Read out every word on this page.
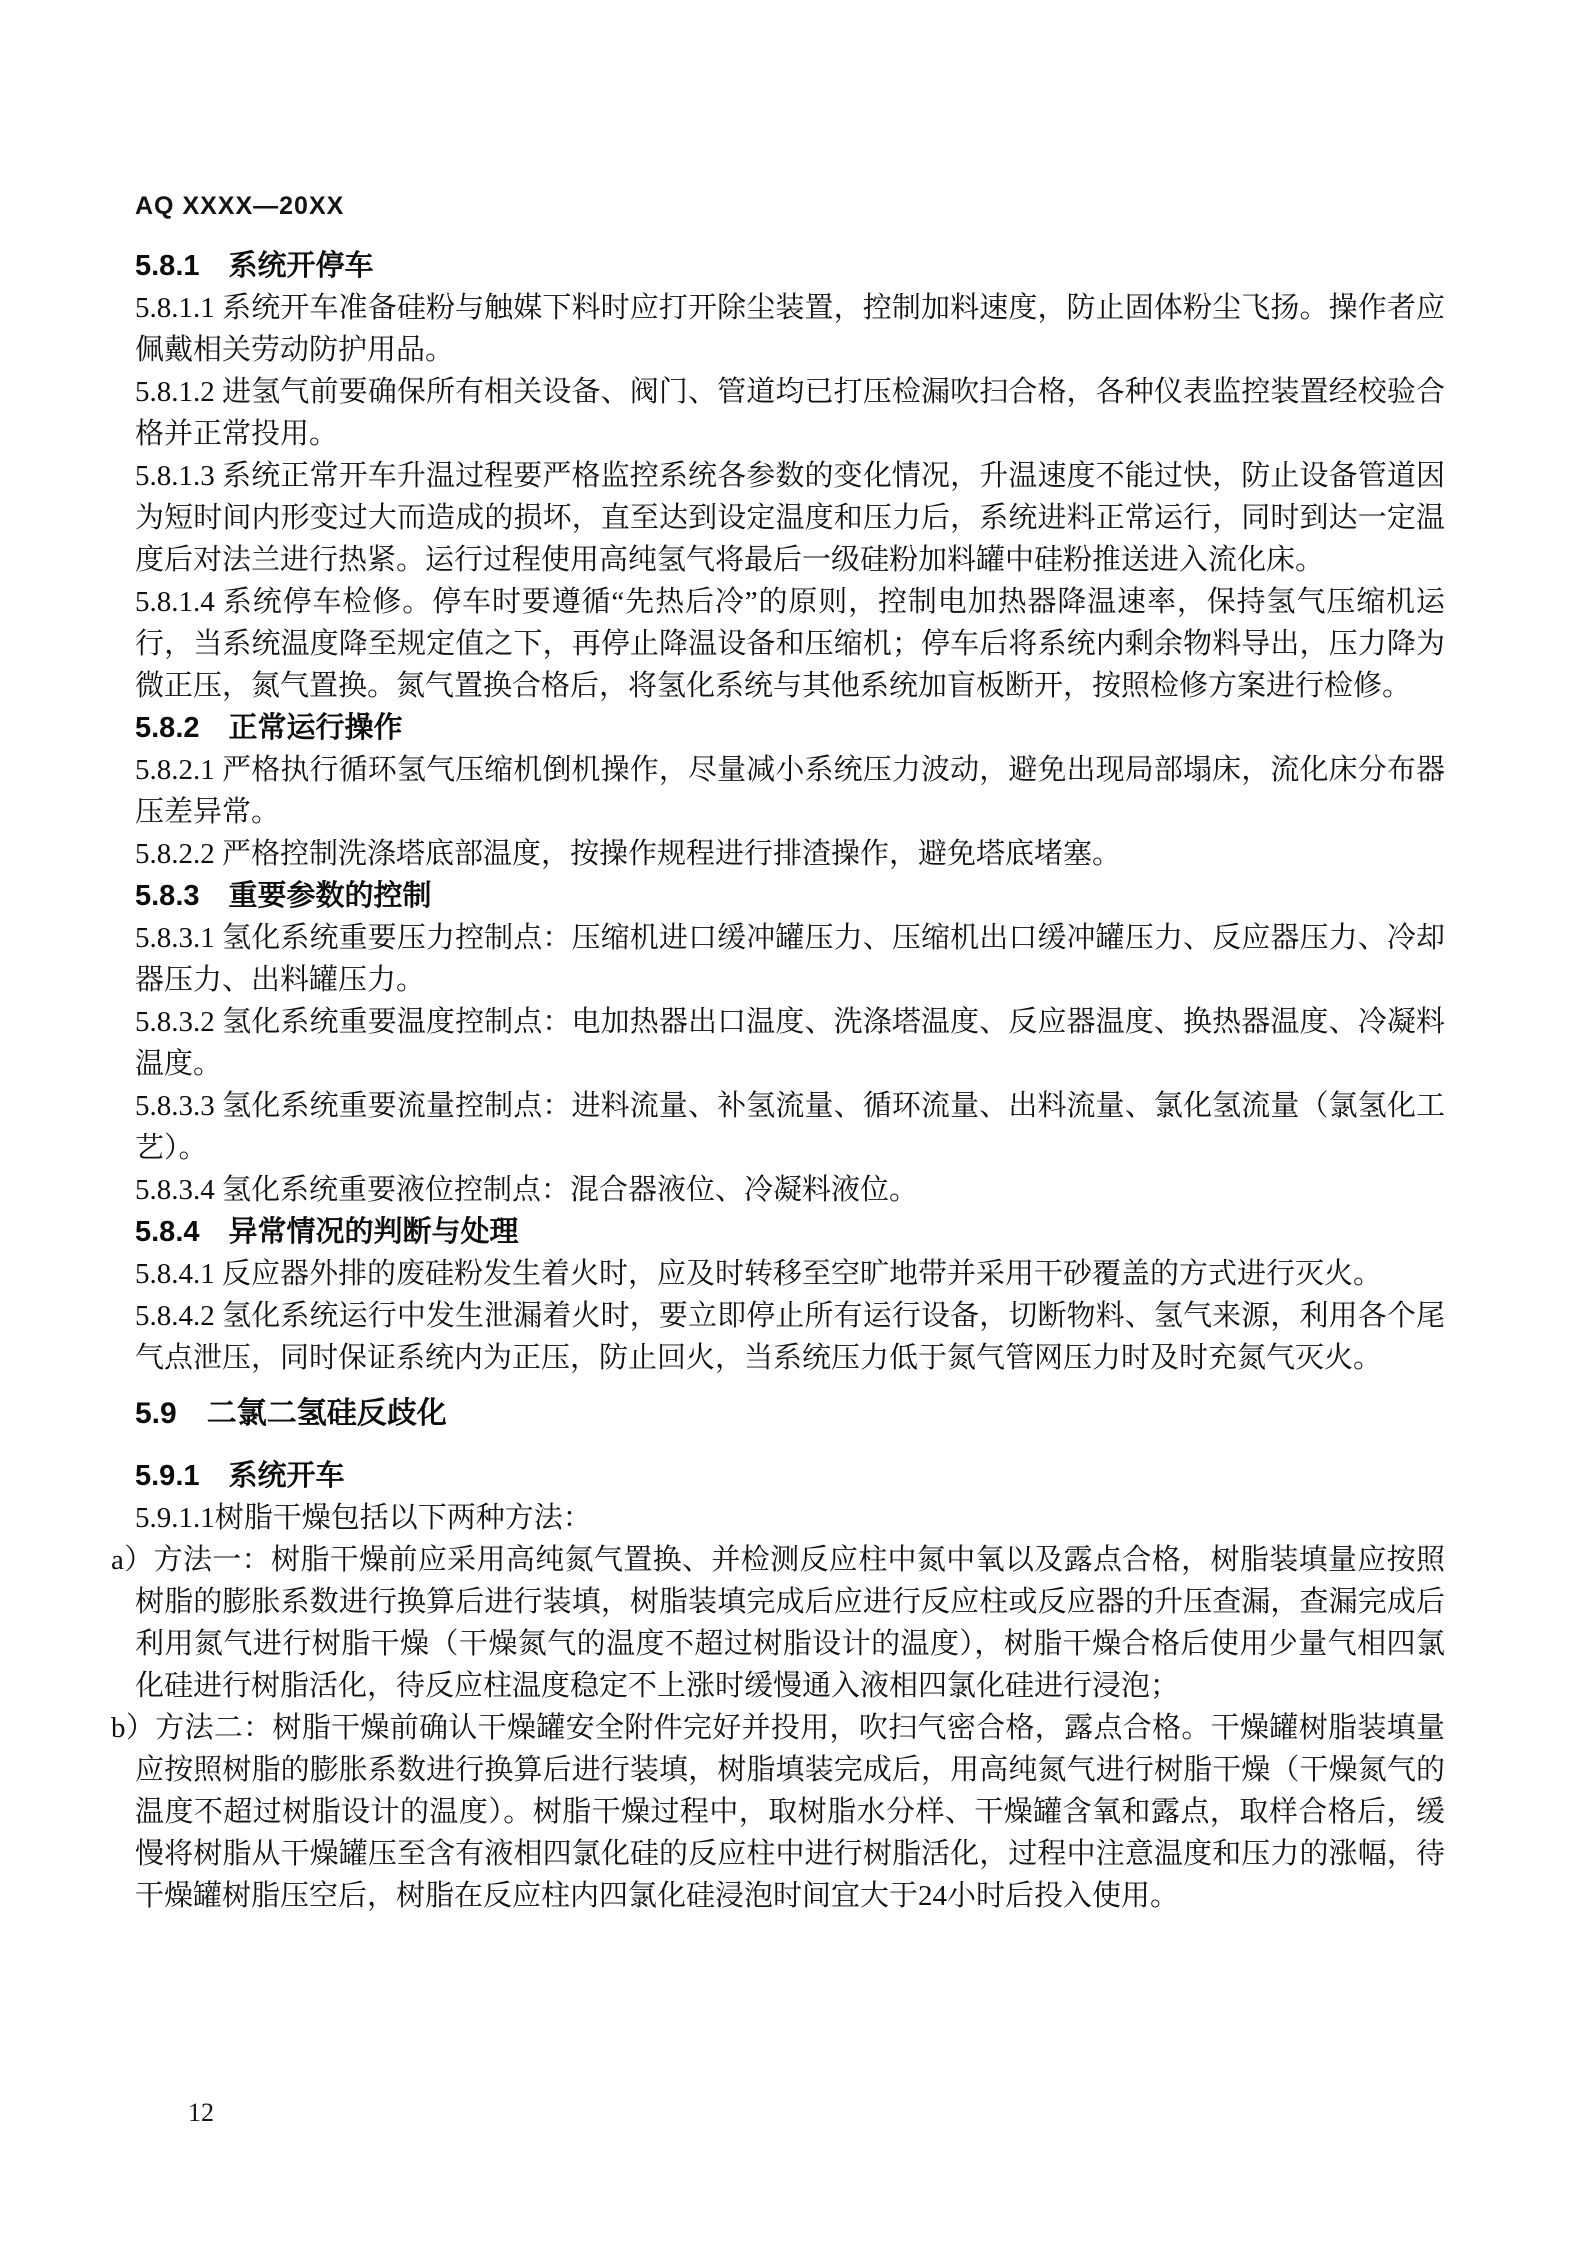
AQ XXXX—20XX
5.8.1　系统开停车

5.8.1.1 系统开车准备硅粉与触媒下料时应打开除尘装置，控制加料速度，防止固体粉尘飞扬。操作者应佩戴相关劳动防护用品。

5.8.1.2 进氢气前要确保所有相关设备、阀门、管道均已打压检漏吹扫合格，各种仪表监控装置经校验合格并正常投用。

5.8.1.3 系统正常开车升温过程要严格监控系统各参数的变化情况，升温速度不能过快，防止设备管道因为短时间内形变过大而造成的损坏，直至达到设定温度和压力后，系统进料正常运行，同时到达一定温度后对法兰进行热紧。运行过程使用高纯氢气将最后一级硅粉加料罐中硅粉推送进入流化床。

5.8.1.4 系统停车检修。停车时要遵循“先热后冷”的原则，控制电加热器降温速率，保持氢气压缩机运行，当系统温度降至规定值之下，再停止降温设备和压缩机；停车后将系统内剩余物料导出，压力降为微正压，氮气置换。氮气置换合格后，将氢化系统与其他系统加盲板断开，按照检修方案进行检修。

5.8.2　正常运行操作

5.8.2.1 严格执行循环氢气压缩机倒机操作，尽量减小系统压力波动，避免出现局部塌床，流化床分布器压差异常。

5.8.2.2 严格控制洗涤塔底部温度，按操作规程进行排渣操作，避免塔底堵塞。

5.8.3　重要参数的控制

5.8.3.1 氢化系统重要压力控制点：压缩机进口缓冲罐压力、压缩机出口缓冲罐压力、反应器压力、冷却器压力、出料罐压力。

5.8.3.2 氢化系统重要温度控制点：电加热器出口温度、洗涤塔温度、反应器温度、换热器温度、冷凝料温度。

5.8.3.3 氢化系统重要流量控制点：进料流量、补氢流量、循环流量、出料流量、氯化氢流量（氯氢化工艺）。

5.8.3.4 氢化系统重要液位控制点：混合器液位、冷凝料液位。

5.8.4　异常情况的判断与处理

5.8.4.1 反应器外排的废硅粉发生着火时，应及时转移至空旷地带并采用干砂覆盖的方式进行灭火。

5.8.4.2 氢化系统运行中发生泄漏着火时，要立即停止所有运行设备，切断物料、氢气来源，利用各个尾气点泄压，同时保证系统内为正压，防止回火，当系统压力低于氮气管网压力时及时充氮气灭火。

5.9　二氯二氢硅反歧化
5.9.1　系统开车

5.9.1.1树脂干燥包括以下两种方法：

a）方法一：树脂干燥前应采用高纯氮气置换、并检测反应柱中氮中氧以及露点合格，树脂装填量应按照树脂的膨胀系数进行换算后进行装填，树脂装填完成后应进行反应柱或反应器的升压查漏，查漏完成后利用氮气进行树脂干燥（干燥氮气的温度不超过树脂设计的温度），树脂干燥合格后使用少量气相四氯化硅进行树脂活化，待反应柱温度稳定不上涨时缓慢通入液相四氯化硅进行浸泡；

b）方法二：树脂干燥前确认干燥罐安全附件完好并投用，吹扫气密合格，露点合格。干燥罐树脂装填量应按照树脂的膨胀系数进行换算后进行装填，树脂填装完成后，用高纯氮气进行树脂干燥（干燥氮气的温度不超过树脂设计的温度）。树脂干燥过程中，取树脂水分样、干燥罐含氧和露点，取样合格后，缓慢将树脂从干燥罐压至含有液相四氯化硅的反应柱中进行树脂活化，过程中注意温度和压力的涨幅，待干燥罐树脂压空后，树脂在反应柱内四氯化硅浸泡时间宜大于24小时后投入使用。

12
